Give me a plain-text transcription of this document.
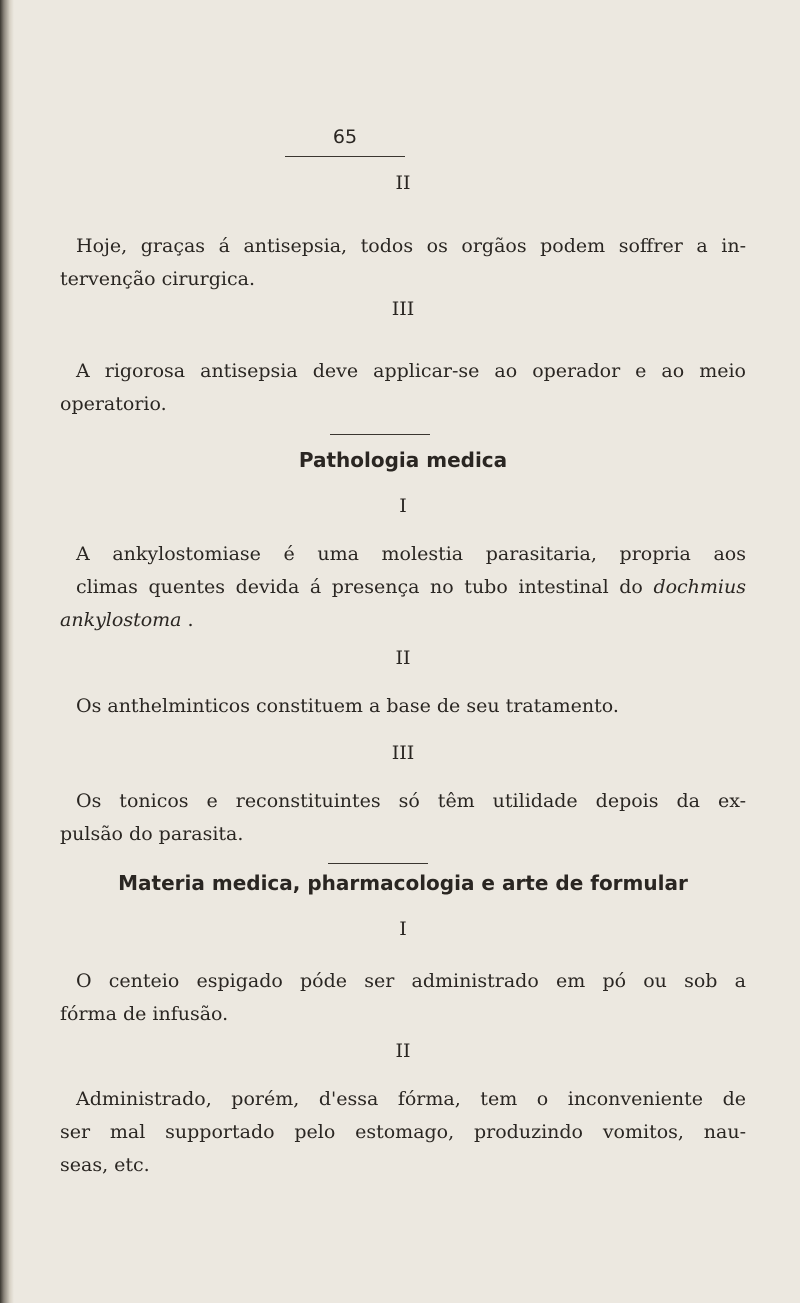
65
II
Hoje, graças á antisepsia, todos os orgãos podem soffrer a in-
tervenção cirurgica.
III
A rigorosa antisepsia deve applicar-se ao operador e ao meio
operatorio.
Pathologia medica
I
A ankylostomiase é uma molestia parasitaria, propria aos
climas quentes devida á presença no tubo intestinal do dochmius
ankylostoma .
II
Os anthelminticos constituem a base de seu tratamento.
III
Os tonicos e reconstituintes só têm utilidade depois da ex-
pulsão do parasita.
Materia medica, pharmacologia e arte de formular
I
O centeio espigado póde ser administrado em pó ou sob a
fórma de infusão.
II
Administrado, porém, d'essa fórma, tem o inconveniente de
ser mal supportado pelo estomago, produzindo vomitos, nau-
seas, etc.
